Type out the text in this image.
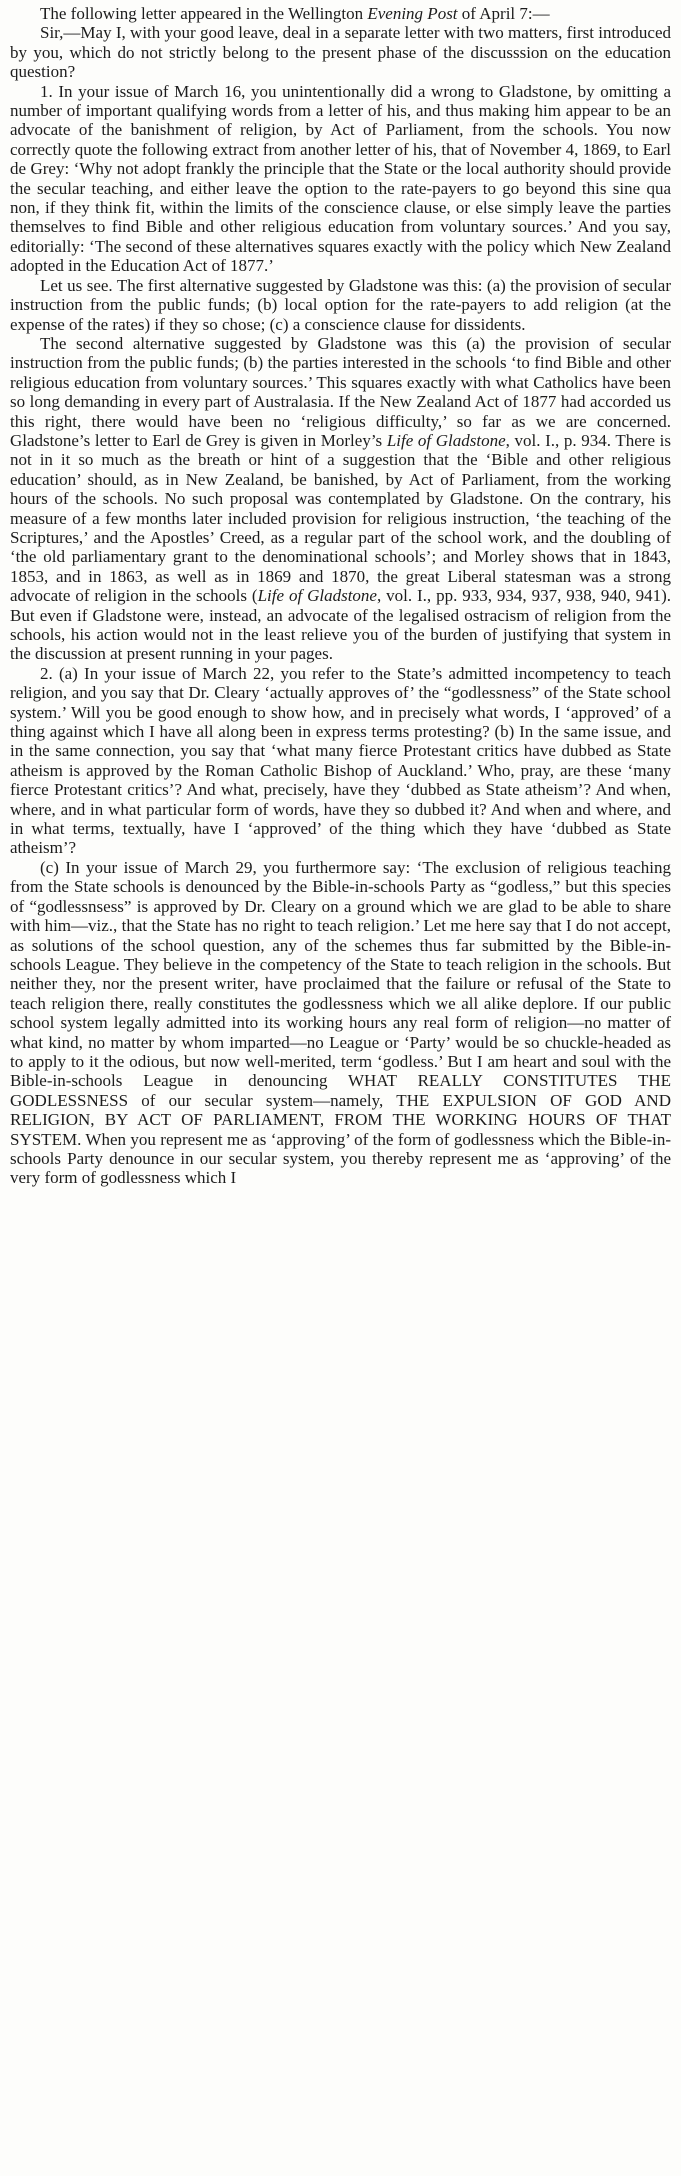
The following letter appeared in the Wellington Evening Post of April 7:—

Sir,—May I, with your good leave, deal in a separate letter with two matters, first introduced by you, which do not strictly belong to the present phase of the discusssion on the education question?

1. In your issue of March 16, you unintentionally did a wrong to Gladstone, by omitting a number of important qualifying words from a letter of his, and thus making him appear to be an advocate of the banishment of religion, by Act of Parliament, from the schools. You now correctly quote the following extract from another letter of his, that of November 4, 1869, to Earl de Grey: ‘Why not adopt frankly the principle that the State or the local authority should provide the secular teaching, and either leave the option to the rate-payers to go beyond this sine qua non, if they think fit, within the limits of the conscience clause, or else simply leave the parties themselves to find Bible and other religious education from voluntary sources.’ And you say, editorially: ‘The second of these alternatives squares exactly with the policy which New Zealand adopted in the Education Act of 1877.’

Let us see. The first alternative suggested by Gladstone was this: (a) the provision of secular instruction from the public funds; (b) local option for the rate-payers to add religion (at the expense of the rates) if they so chose; (c) a conscience clause for dissidents.

The second alternative suggested by Gladstone was this (a) the provision of secular instruction from the public funds; (b) the parties interested in the schools ‘to find Bible and other religious education from voluntary sources.’ This squares exactly with what Catholics have been so long demanding in every part of Australasia. If the New Zealand Act of 1877 had accorded us this right, there would have been no ‘religious difficulty,’ so far as we are concerned. Gladstone’s letter to Earl de Grey is given in Morley’s Life of Gladstone, vol. I., p. 934. There is not in it so much as the breath or hint of a suggestion that the ‘Bible and other religious education’ should, as in New Zealand, be banished, by Act of Parliament, from the working hours of the schools. No such proposal was contemplated by Gladstone. On the contrary, his measure of a few months later included provision for religious instruction, ‘the teaching of the Scriptures,’ and the Apostles’ Creed, as a regular part of the school work, and the doubling of ‘the old parliamentary grant to the denominational schools’; and Morley shows that in 1843, 1853, and in 1863, as well as in 1869 and 1870, the great Liberal statesman was a strong advocate of religion in the schools (Life of Gladstone, vol. I., pp. 933, 934, 937, 938, 940, 941). But even if Gladstone were, instead, an advocate of the legalised ostracism of religion from the schools, his action would not in the least relieve you of the burden of justifying that system in the discussion at present running in your pages.

2. (a) In your issue of March 22, you refer to the State’s admitted incompetency to teach religion, and you say that Dr. Cleary ‘actually approves of’ the “godlessness” of the State school system.’ Will you be good enough to show how, and in precisely what words, I ‘approved’ of a thing against which I have all along been in express terms protesting? (b) In the same issue, and in the same connection, you say that ‘what many fierce Protestant critics have dubbed as State atheism is approved by the Roman Catholic Bishop of Auckland.’ Who, pray, are these ‘many fierce Protestant critics’? And what, precisely, have they ‘dubbed as State atheism’? And when, where, and in what particular form of words, have they so dubbed it? And when and where, and in what terms, textually, have I ‘approved’ of the thing which they have ‘dubbed as State atheism’?

(c) In your issue of March 29, you furthermore say: ‘The exclusion of religious teaching from the State schools is denounced by the Bible-in-schools Party as “godless,” but this species of “godlessnsess” is approved by Dr. Cleary on a ground which we are glad to be able to share with him—viz., that the State has no right to teach religion.’ Let me here say that I do not accept, as solutions of the school question, any of the schemes thus far submitted by the Bible-in-schools League. They believe in the competency of the State to teach religion in the schools. But neither they, nor the present writer, have proclaimed that the failure or refusal of the State to teach religion there, really constitutes the godlessness which we all alike deplore. If our public school system legally admitted into its working hours any real form of religion—no matter of what kind, no matter by whom imparted—no League or ‘Party’ would be so chuckle-headed as to apply to it the odious, but now well-merited, term ‘godless.’ But I am heart and soul with the Bible-in-schools League in denouncing WHAT REALLY CONSTITUTES THE GODLESSNESS of our secular system—namely, THE EXPULSION OF GOD AND RELIGION, BY ACT OF PARLIAMENT, FROM THE WORKING HOURS OF THAT SYSTEM. When you represent me as ‘approving’ of the form of godlessness which the Bible-in-schools Party denounce in our secular system, you thereby represent me as ‘approving’ of the very form of godlessness which I
